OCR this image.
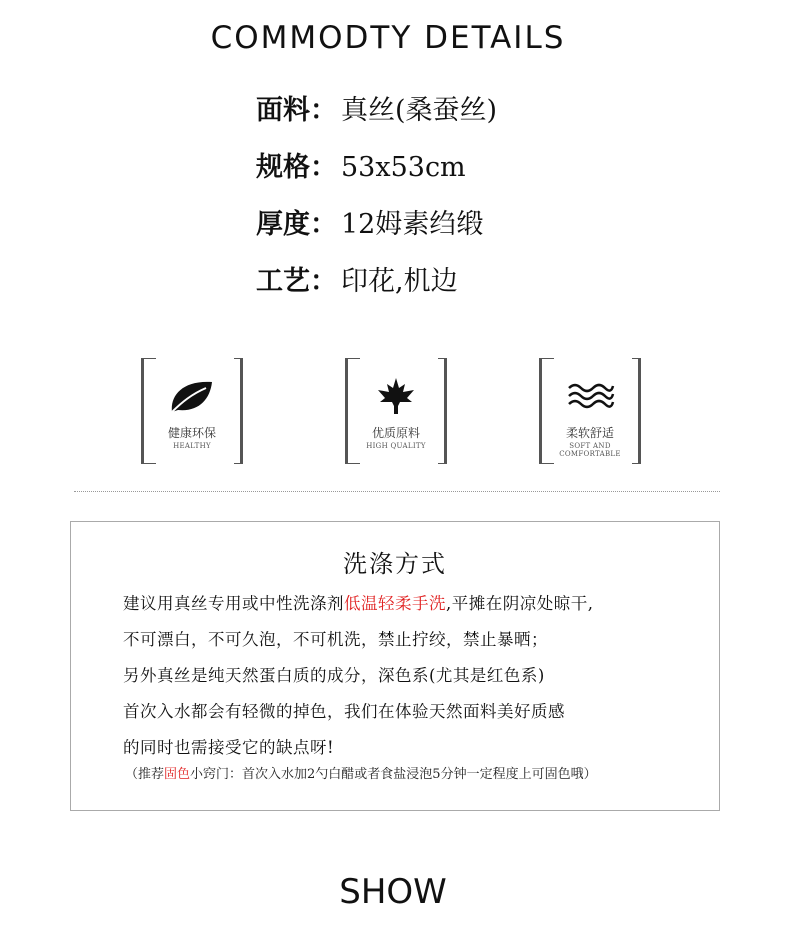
COMMODTY DETAILS
面料： 真丝(桑蚕丝)
规格： 53x53cm
厚度： 12姆素绉缎
工艺： 印花,机边
健康环保
HEALTHY
优质原料
HIGH QUALITY
柔软舒适
SOFT AND COMFORTABLE
洗涤方式
建议用真丝专用或中性洗涤剂低温轻柔手洗,平摊在阴凉处晾干,
不可漂白，不可久泡，不可机洗，禁止拧绞，禁止暴晒；
另外真丝是纯天然蛋白质的成分，深色系(尤其是红色系)
首次入水都会有轻微的掉色，我们在体验天然面料美好质感
的同时也需接受它的缺点呀!
（推荐固色小窍门：首次入水加2勺白醋或者食盐浸泡5分钟一定程度上可固色哦）
SHOW
